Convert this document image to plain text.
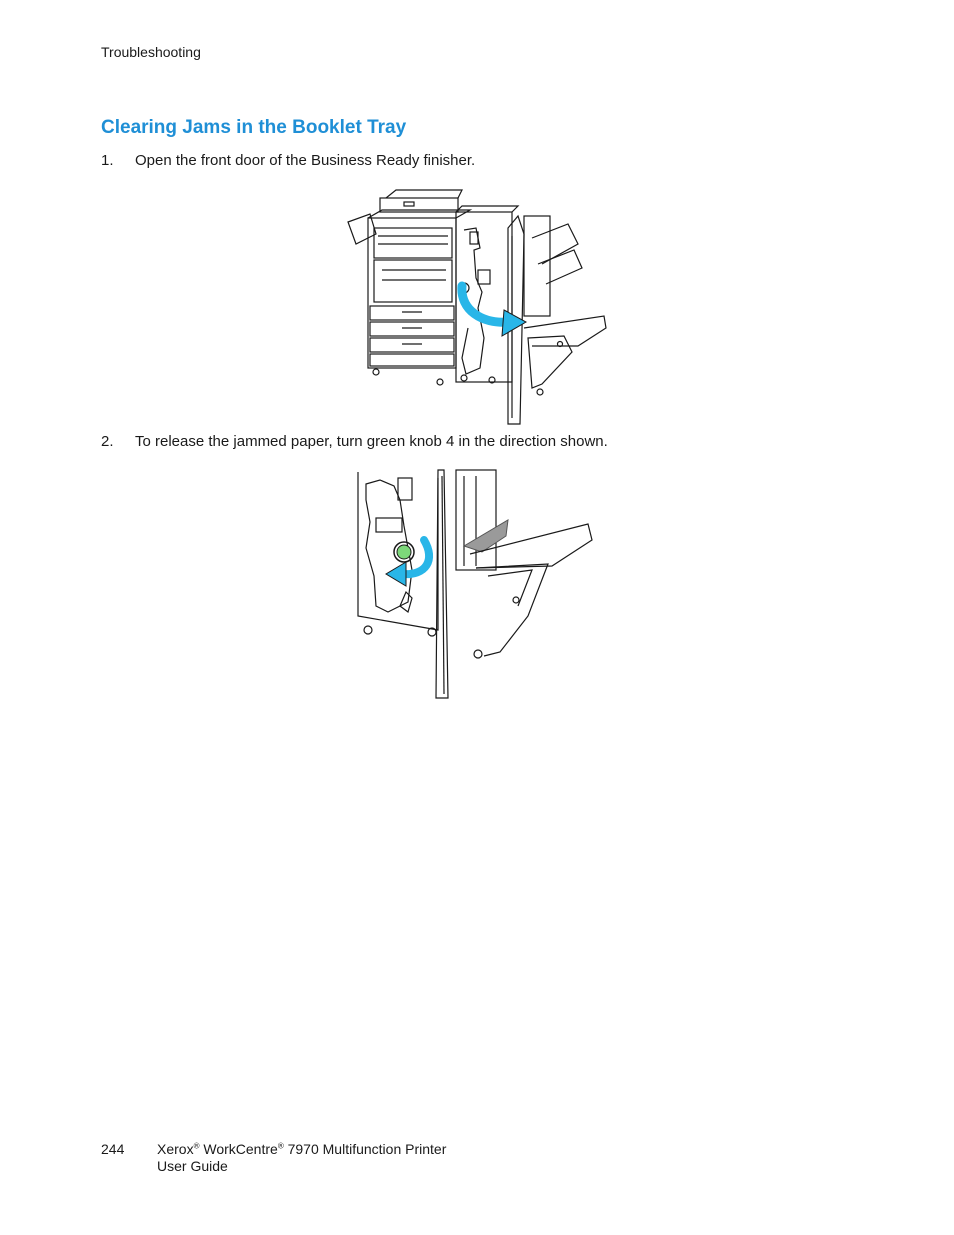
Troubleshooting
Clearing Jams in the Booklet Tray
1. Open the front door of the Business Ready finisher.
2. To release the jammed paper, turn green knob 4 in the direction shown.
244 Xerox® WorkCentre® 7970 Multifunction Printer
User Guide
